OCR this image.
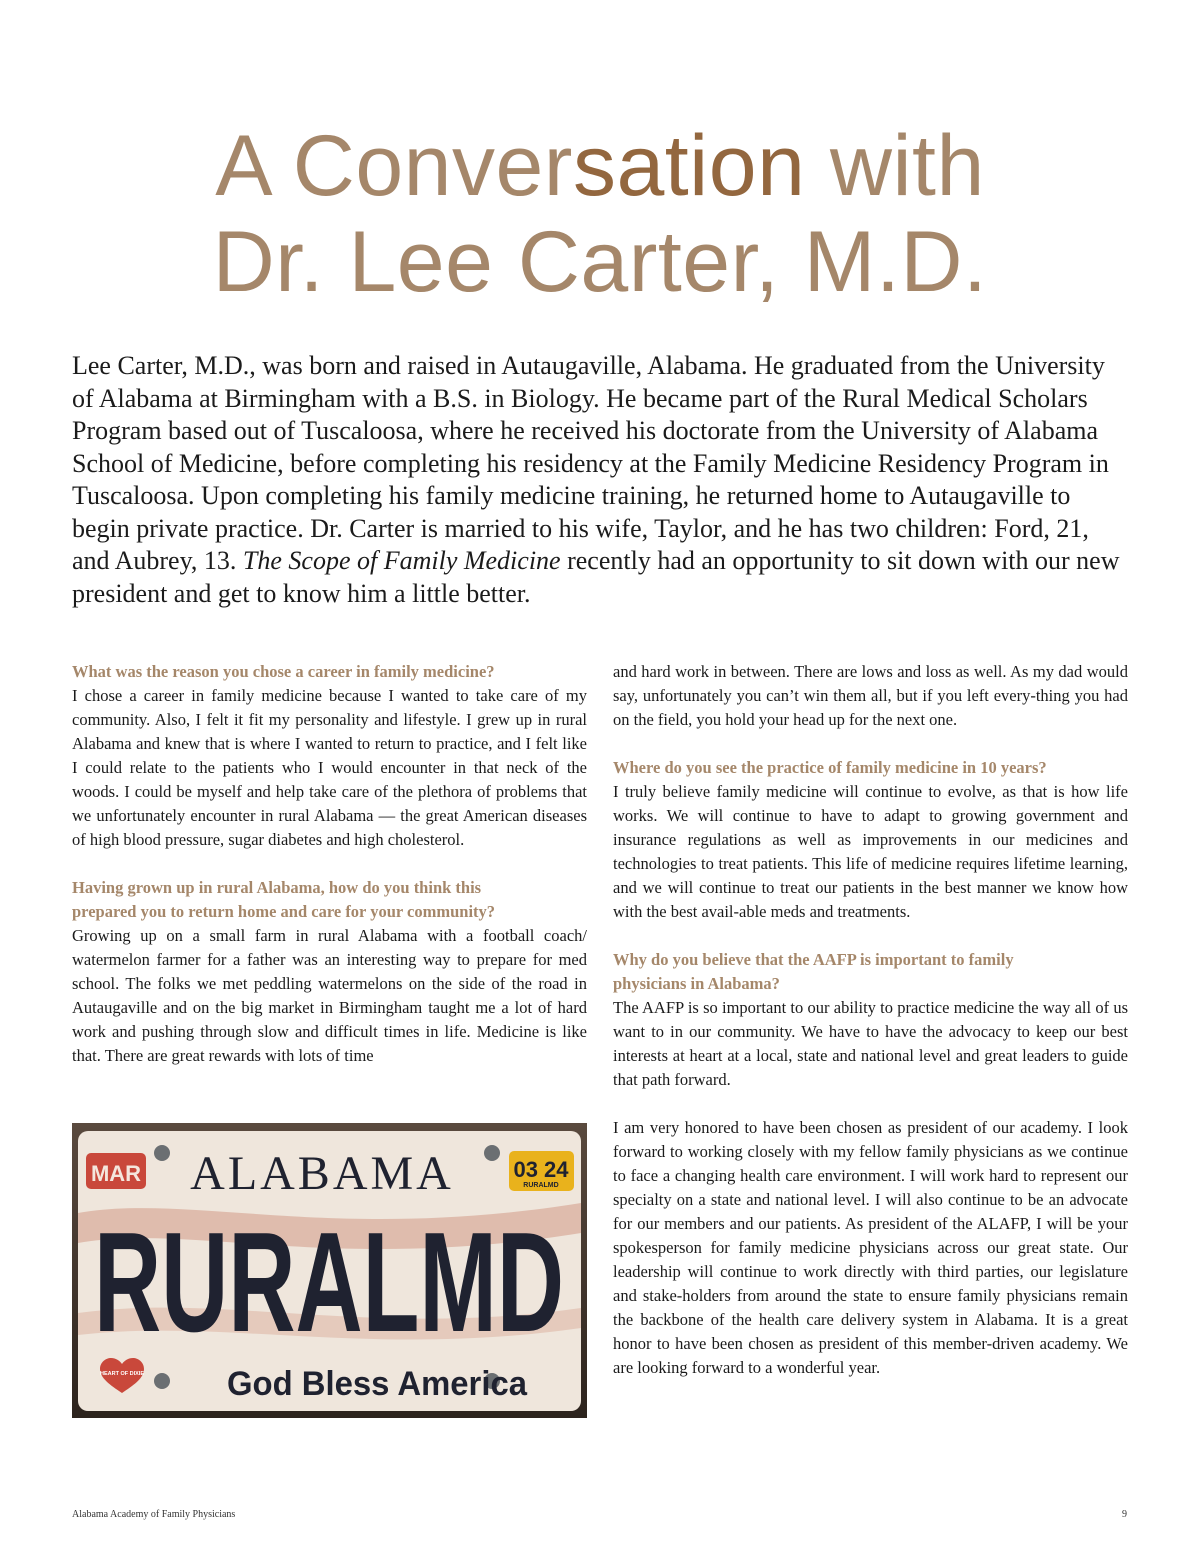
A Conversation with
Dr. Lee Carter, M.D.

Lee Carter, M.D., was born and raised in Autaugaville, Alabama. He graduated from the University of Alabama at Birmingham with a B.S. in Biology. He became part of the Rural Medical Scholars Program based out of Tuscaloosa, where he received his doctorate from the University of Alabama School of Medicine, before completing his residency at the Family Medicine Residency Program in Tuscaloosa. Upon completing his family medicine training, he returned home to Autaugaville to begin private practice. Dr. Carter is married to his wife, Taylor, and he has two children: Ford, 21, and Aubrey, 13. The Scope of Family Medicine recently had an opportunity to sit down with our new president and get to know him a little better.

What was the reason you chose a career in family medicine?

I chose a career in family medicine because I wanted to take care of my community. Also, I felt it fit my personality and lifestyle. I grew up in rural Alabama and knew that is where I wanted to return to practice, and I felt like I could relate to the patients who I would encounter in that neck of the woods. I could be myself and help take care of the plethora of problems that we unfortunately encounter in rural Alabama — the great American diseases of high blood pressure, sugar diabetes and high cholesterol.

Having grown up in rural Alabama, how do you think this
prepared you to return home and care for your community?

Growing up on a small farm in rural Alabama with a football coach/ watermelon farmer for a father was an interesting way to prepare for med school. The folks we met peddling watermelons on the side of the road in Autaugaville and on the big market in Birmingham taught me a lot of hard work and pushing through slow and difficult times in life. Medicine is like that. There are great rewards with lots of time

MAR ALABAMA	03 24
RURALMD
RURALMD
HEART OF DIXIE God Bless America

and hard work in between. There are lows and loss as well. As my dad would say, unfortunately you can’t win them all, but if you left every-thing you had on the field, you hold your head up for the next one.

Where do you see the practice of family medicine in 10 years?

I truly believe family medicine will continue to evolve, as that is how life works. We will continue to have to adapt to growing government and insurance regulations as well as improvements in our medicines and technologies to treat patients. This life of medicine requires lifetime learning, and we will continue to treat our patients in the best manner we know how with the best avail-able meds and treatments.

Why do you believe that the AAFP is important to family
physicians in Alabama?

The AAFP is so important to our ability to practice medicine the way all of us want to in our community. We have to have the advocacy to keep our best interests at heart at a local, state and national level and great leaders to guide that path forward.

I am very honored to have been chosen as president of our academy. I look forward to working closely with my fellow family physicians as we continue to face a changing health care environment. I will work hard to represent our specialty on a state and national level. I will also continue to be an advocate for our members and our patients. As president of the ALAFP, I will be your spokesperson for family medicine physicians across our great state. Our leadership will continue to work directly with third parties, our legislature and stake-holders from around the state to ensure family physicians remain the backbone of the health care delivery system in Alabama. It is a great honor to have been chosen as president of this member-driven academy. We are looking forward to a wonderful year.

Alabama Academy of Family Physicians	9
